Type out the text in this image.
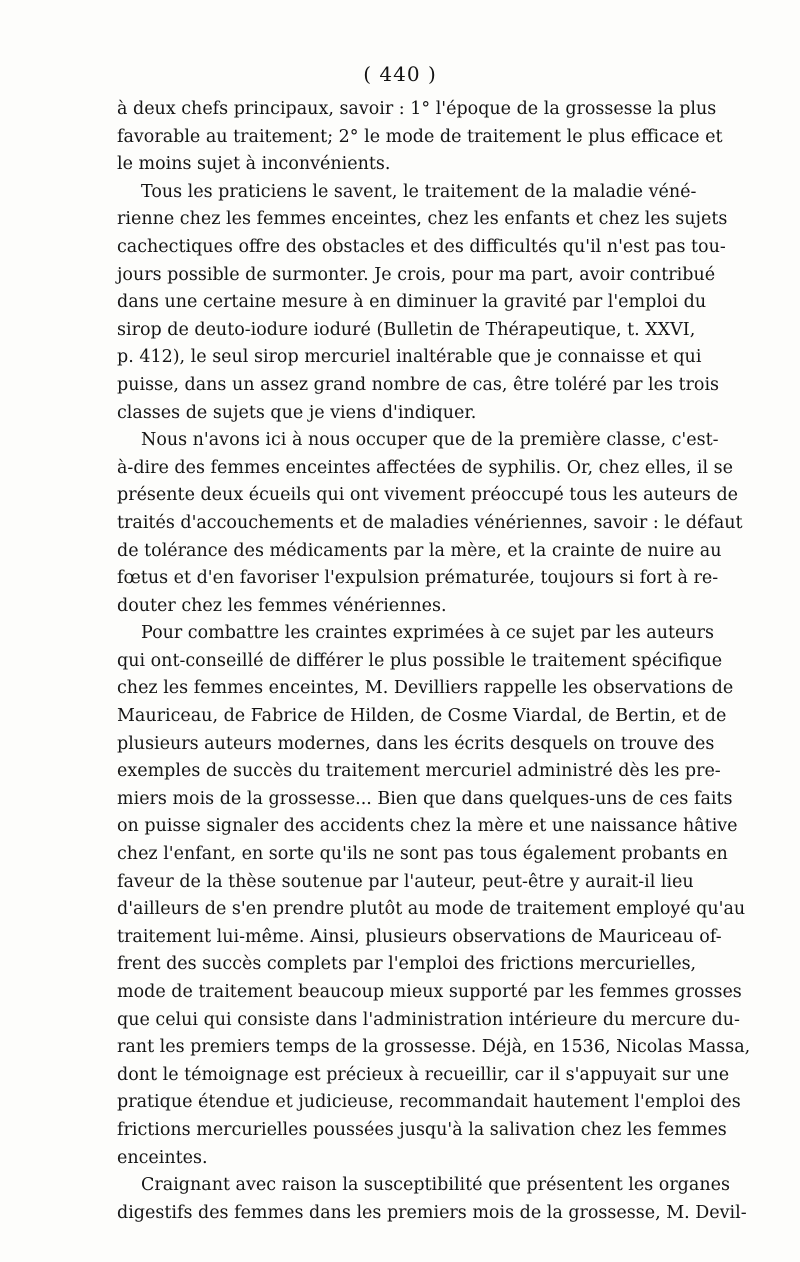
( 440 )
à deux chefs principaux, savoir : 1° l'époque de la grossesse la plus
favorable au traitement; 2° le mode de traitement le plus efficace et
le moins sujet à inconvénients.
Tous les praticiens le savent, le traitement de la maladie véné-
rienne chez les femmes enceintes, chez les enfants et chez les sujets
cachectiques offre des obstacles et des difficultés qu'il n'est pas tou-
jours possible de surmonter. Je crois, pour ma part, avoir contribué
dans une certaine mesure à en diminuer la gravité par l'emploi du
sirop de deuto-iodure ioduré (Bulletin de Thérapeutique, t. XXVI,
p. 412), le seul sirop mercuriel inaltérable que je connaisse et qui
puisse, dans un assez grand nombre de cas, être toléré par les trois
classes de sujets que je viens d'indiquer.
Nous n'avons ici à nous occuper que de la première classe, c'est-
à-dire des femmes enceintes affectées de syphilis. Or, chez elles, il se
présente deux écueils qui ont vivement préoccupé tous les auteurs de
traités d'accouchements et de maladies vénériennes, savoir : le défaut
de tolérance des médicaments par la mère, et la crainte de nuire au
fœtus et d'en favoriser l'expulsion prématurée, toujours si fort à re-
douter chez les femmes vénériennes.
Pour combattre les craintes exprimées à ce sujet par les auteurs
qui ont-conseillé de différer le plus possible le traitement spécifique
chez les femmes enceintes, M. Devilliers rappelle les observations de
Mauriceau, de Fabrice de Hilden, de Cosme Viardal, de Bertin, et de
plusieurs auteurs modernes, dans les écrits desquels on trouve des
exemples de succès du traitement mercuriel administré dès les pre-
miers mois de la grossesse... Bien que dans quelques-uns de ces faits
on puisse signaler des accidents chez la mère et une naissance hâtive
chez l'enfant, en sorte qu'ils ne sont pas tous également probants en
faveur de la thèse soutenue par l'auteur, peut-être y aurait-il lieu
d'ailleurs de s'en prendre plutôt au mode de traitement employé qu'au
traitement lui-même. Ainsi, plusieurs observations de Mauriceau of-
frent des succès complets par l'emploi des frictions mercurielles,
mode de traitement beaucoup mieux supporté par les femmes grosses
que celui qui consiste dans l'administration intérieure du mercure du-
rant les premiers temps de la grossesse. Déjà, en 1536, Nicolas Massa,
dont le témoignage est précieux à recueillir, car il s'appuyait sur une
pratique étendue et judicieuse, recommandait hautement l'emploi des
frictions mercurielles poussées jusqu'à la salivation chez les femmes
enceintes.
Craignant avec raison la susceptibilité que présentent les organes
digestifs des femmes dans les premiers mois de la grossesse, M. Devil-
